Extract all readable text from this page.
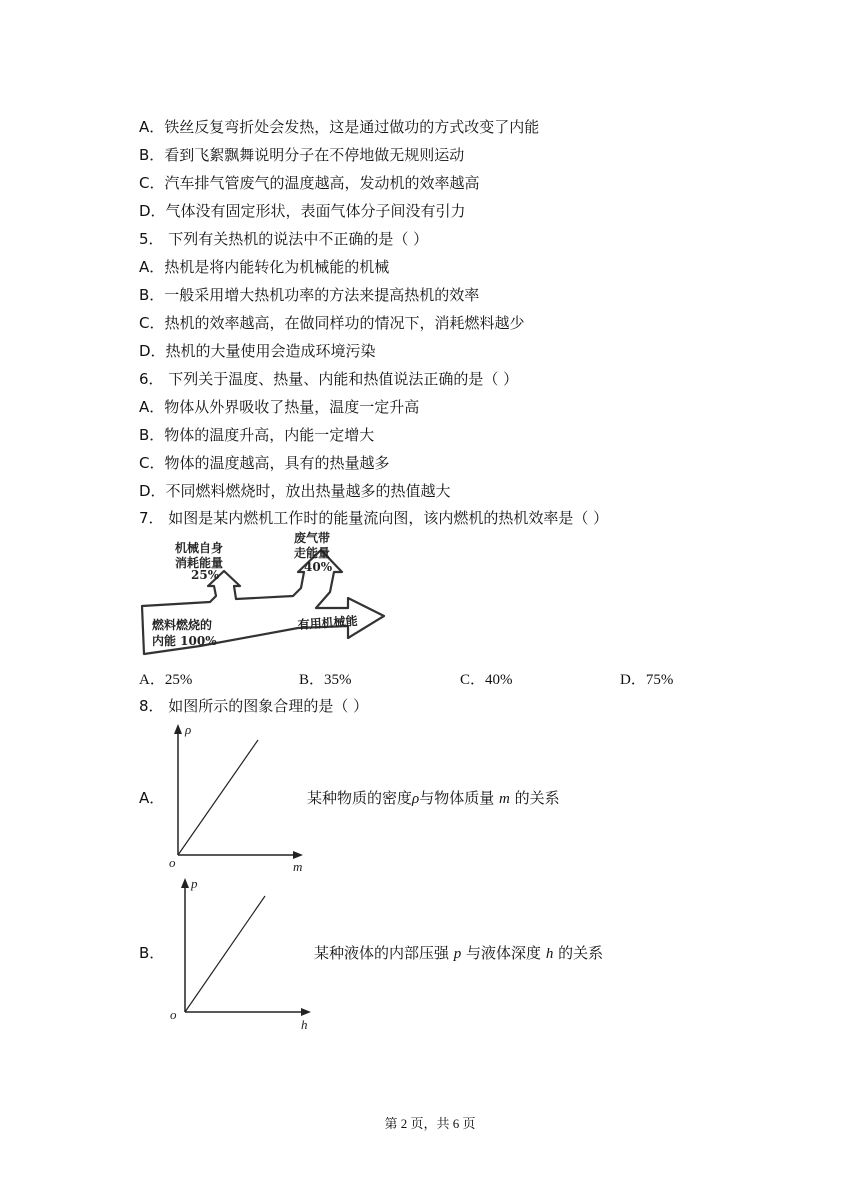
A．铁丝反复弯折处会发热，这是通过做功的方式改变了内能
B．看到飞絮飘舞说明分子在不停地做无规则运动
C．汽车排气管废气的温度越高，发动机的效率越高
D．气体没有固定形状，表面气体分子间没有引力
5． 下列有关热机的说法中不正确的是（ ）
A．热机是将内能转化为机械能的机械
B．一般采用增大热机功率的方法来提高热机的效率
C．热机的效率越高，在做同样功的情况下，消耗燃料越少
D．热机的大量使用会造成环境污染
6． 下列关于温度、热量、内能和热值说法正确的是（ ）
A．物体从外界吸收了热量，温度一定升高
B．物体的温度升高，内能一定增大
C．物体的温度越高，具有的热量越多
D．不同燃料燃烧时，放出热量越多的热值越大
7． 如图是某内燃机工作时的能量流向图，该内燃机的热机效率是（ ）
机械自身
消耗能量
25%
废气带
走能量
40%
燃料燃烧的
内能 100%
有用机械能
A．25%	B．35%	C．40%	D．75%
8． 如图所示的图象合理的是（ ）
A．
ρ
m
o
某种物质的密度ρ与物体质量 m 的关系
B．
p
h
o
某种液体的内部压强 p 与液体深度 h 的关系
第 2 页，共 6 页
